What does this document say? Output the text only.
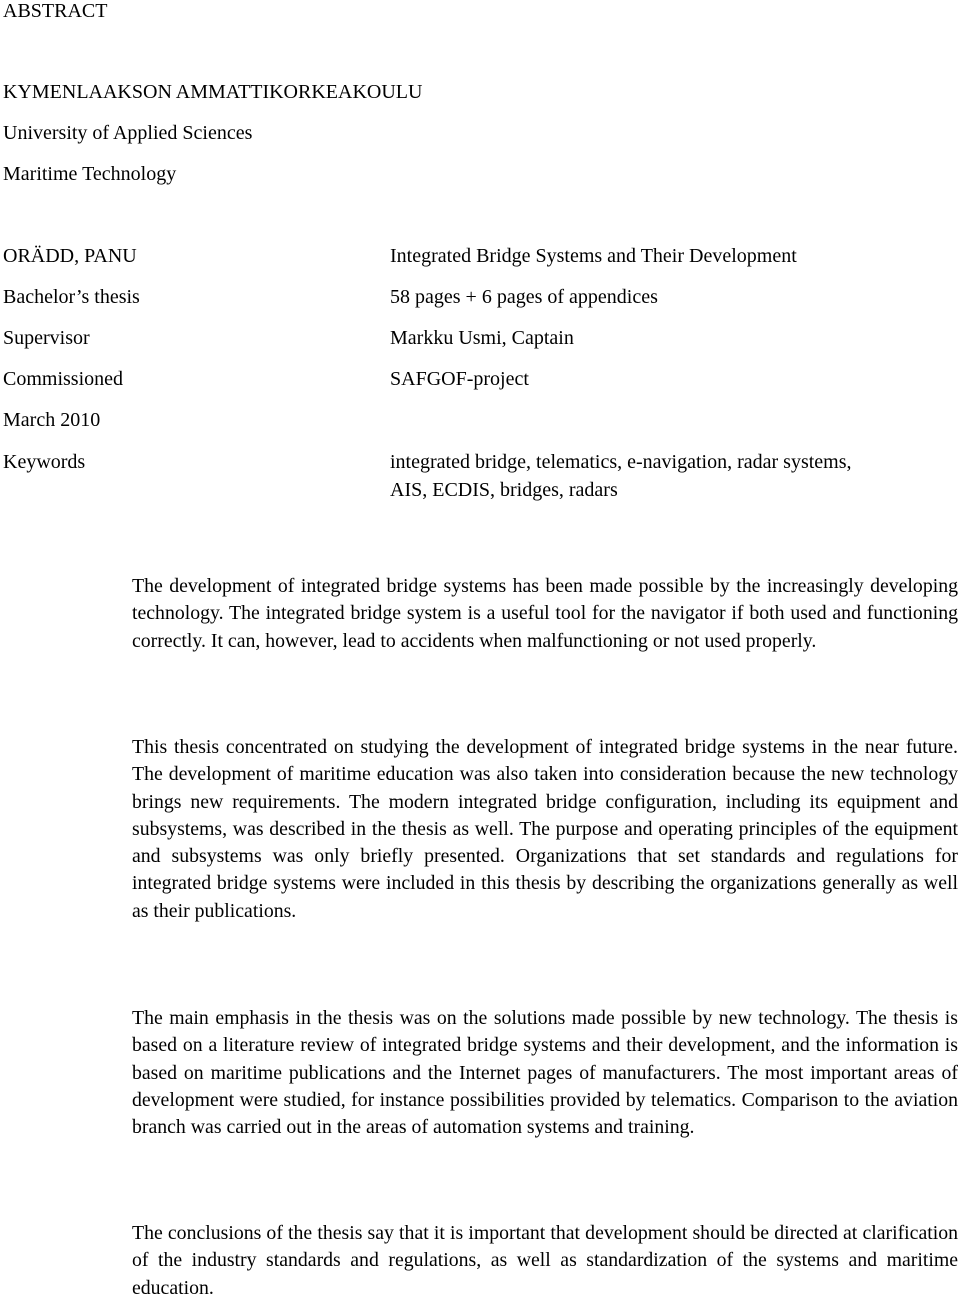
ABSTRACT
KYMENLAAKSON AMMATTIKORKEAKOULU
University of Applied Sciences
Maritime Technology
ORÄDD, PANU
Bachelor’s thesis
Supervisor
Commissioned
March 2010
Keywords
Integrated Bridge Systems and Their Development
58 pages + 6 pages of appendices
Markku Usmi, Captain
SAFGOF-project
integrated bridge, telematics, e-navigation, radar systems,
AIS, ECDIS, bridges, radars

The development of integrated bridge systems has been made possible by the increasingly developing technology. The integrated bridge system is a useful tool for the navigator if both used and functioning correctly. It can, however, lead to accidents when malfunctioning or not used properly.

This thesis concentrated on studying the development of integrated bridge systems in the near future. The development of maritime education was also taken into consideration because the new technology brings new requirements. The modern integrated bridge configuration, including its equipment and subsystems, was described in the thesis as well. The purpose and operating principles of the equipment and subsystems was only briefly presented. Organizations that set standards and regulations for integrated bridge systems were included in this thesis by describing the organizations generally as well as their publications.

The main emphasis in the thesis was on the solutions made possible by new technology. The thesis is based on a literature review of integrated bridge systems and their development, and the information is based on maritime publications and the Internet pages of manufacturers. The most important areas of development were studied, for instance possibilities provided by telematics. Comparison to the aviation branch was carried out in the areas of automation systems and training.

The conclusions of the thesis say that it is important that development should be directed at clarification of the industry standards and regulations, as well as standardization of the systems and maritime education.
